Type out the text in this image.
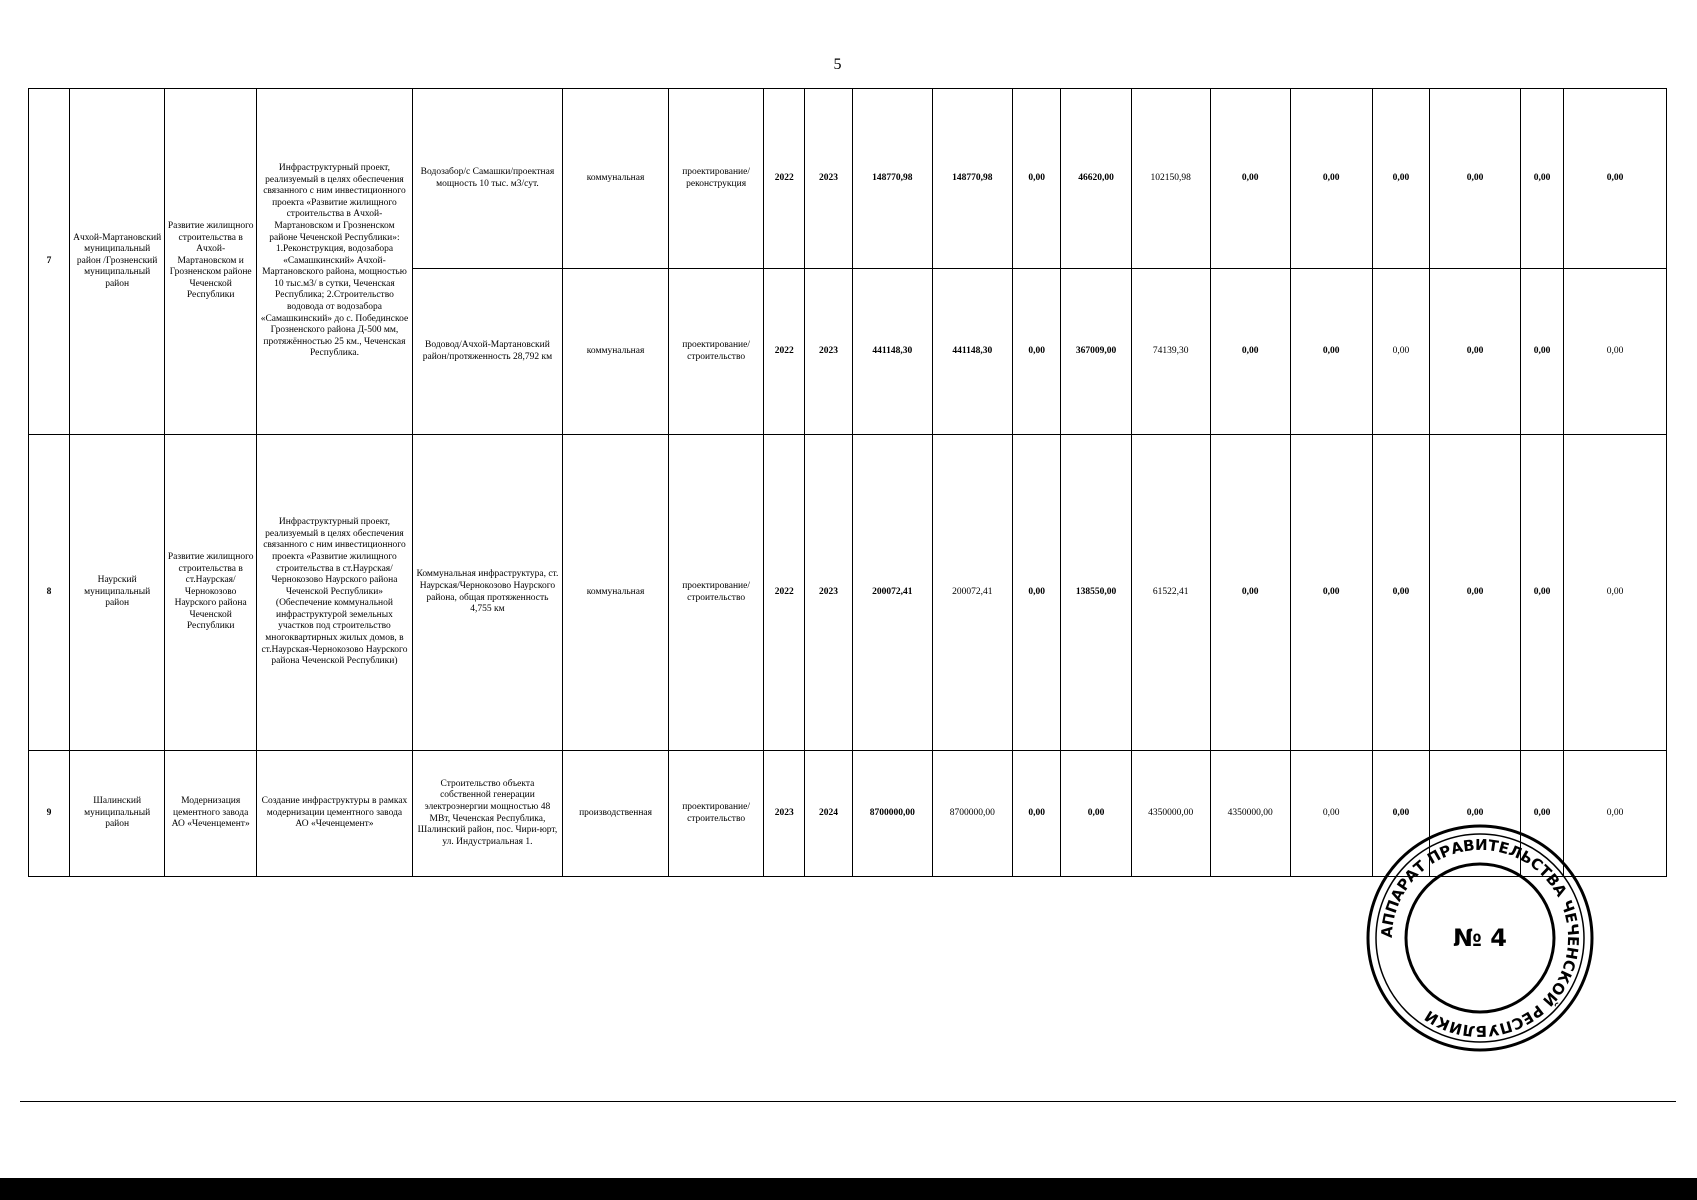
5
7	Ачхой-Мартановский муниципальный район /Грозненский муниципальный район	Развитие жилищного строительства в Ачхой-Мартановском и Грозненском районе Чеченской Республики	Инфраструктурный проект, реализуемый в целях обеспечения связанного с ним инвестиционного проекта «Развитие жилищного строительства в Ачхой-Мартановском и Грозненском районе Чеченской Республики»: 1.Реконструкция, водозабора «Самашкинский» Ачхой-Мартановского района, мощностью 10 тыс.м3/ в сутки, Чеченская Республика; 2.Строительство водовода от водозабора «Самашкинский» до с. Побединское Грозненского района Д-500 мм, протяжённостью 25 км., Чеченская Республика.	Водозабор/с Самашки/проектная мощность 10 тыс. м3/сут.	коммунальная	проектирование/реконструкция	2022	2023	148770,98	148770,98	0,00	46620,00	102150,98	0,00	0,00	0,00	0,00	0,00	0,00
				Водовод/Ачхой-Мартановский район/протяженность 28,792 км	коммунальная	проектирование/строительство	2022	2023	441148,30	441148,30	0,00	367009,00	74139,30	0,00	0,00	0,00	0,00	0,00	0,00
8	Наурский муниципальный район	Развитие жилищного строительства в ст.Наурская/Чернокозово Наурского района Чеченской Республики	Инфраструктурный проект, реализуемый в целях обеспечения связанного с ним инвестиционного проекта «Развитие жилищного строительства в ст.Наурская/Чернокозово Наурского района Чеченской Республики» (Обеспечение коммунальной инфраструктурой земельных участков под строительство многоквартирных жилых домов, в ст.Наурская-Чернокозово Наурского района Чеченской Республики)	Коммунальная инфраструктура, ст. Наурская/Чернокозово Наурского района, общая протяженность 4,755 км	коммунальная	проектирование/строительство	2022	2023	200072,41	200072,41	0,00	138550,00	61522,41	0,00	0,00	0,00	0,00	0,00	0,00
9	Шалинский муниципальный район	Модернизация цементного завода АО «Чеченцемент»	Создание инфраструктуры в рамках модернизации цементного завода АО «Чеченцемент»	Строительство объекта собственной генерации электроэнергии мощностью 48 МВт, Чеченская Республика, Шалинский район, пос. Чири-юрт, ул. Индустриальная 1.	производственная	проектирование/строительство	2023	2024	8700000,00	8700000,00	0,00	0,00	4350000,00	4350000,00	0,00	0,00	0,00	0,00	0,00
АППАРАТ ПРАВИТЕЛЬСТВА ЧЕЧЕНСКОЙ РЕСПУБЛИКИ
№ 4
